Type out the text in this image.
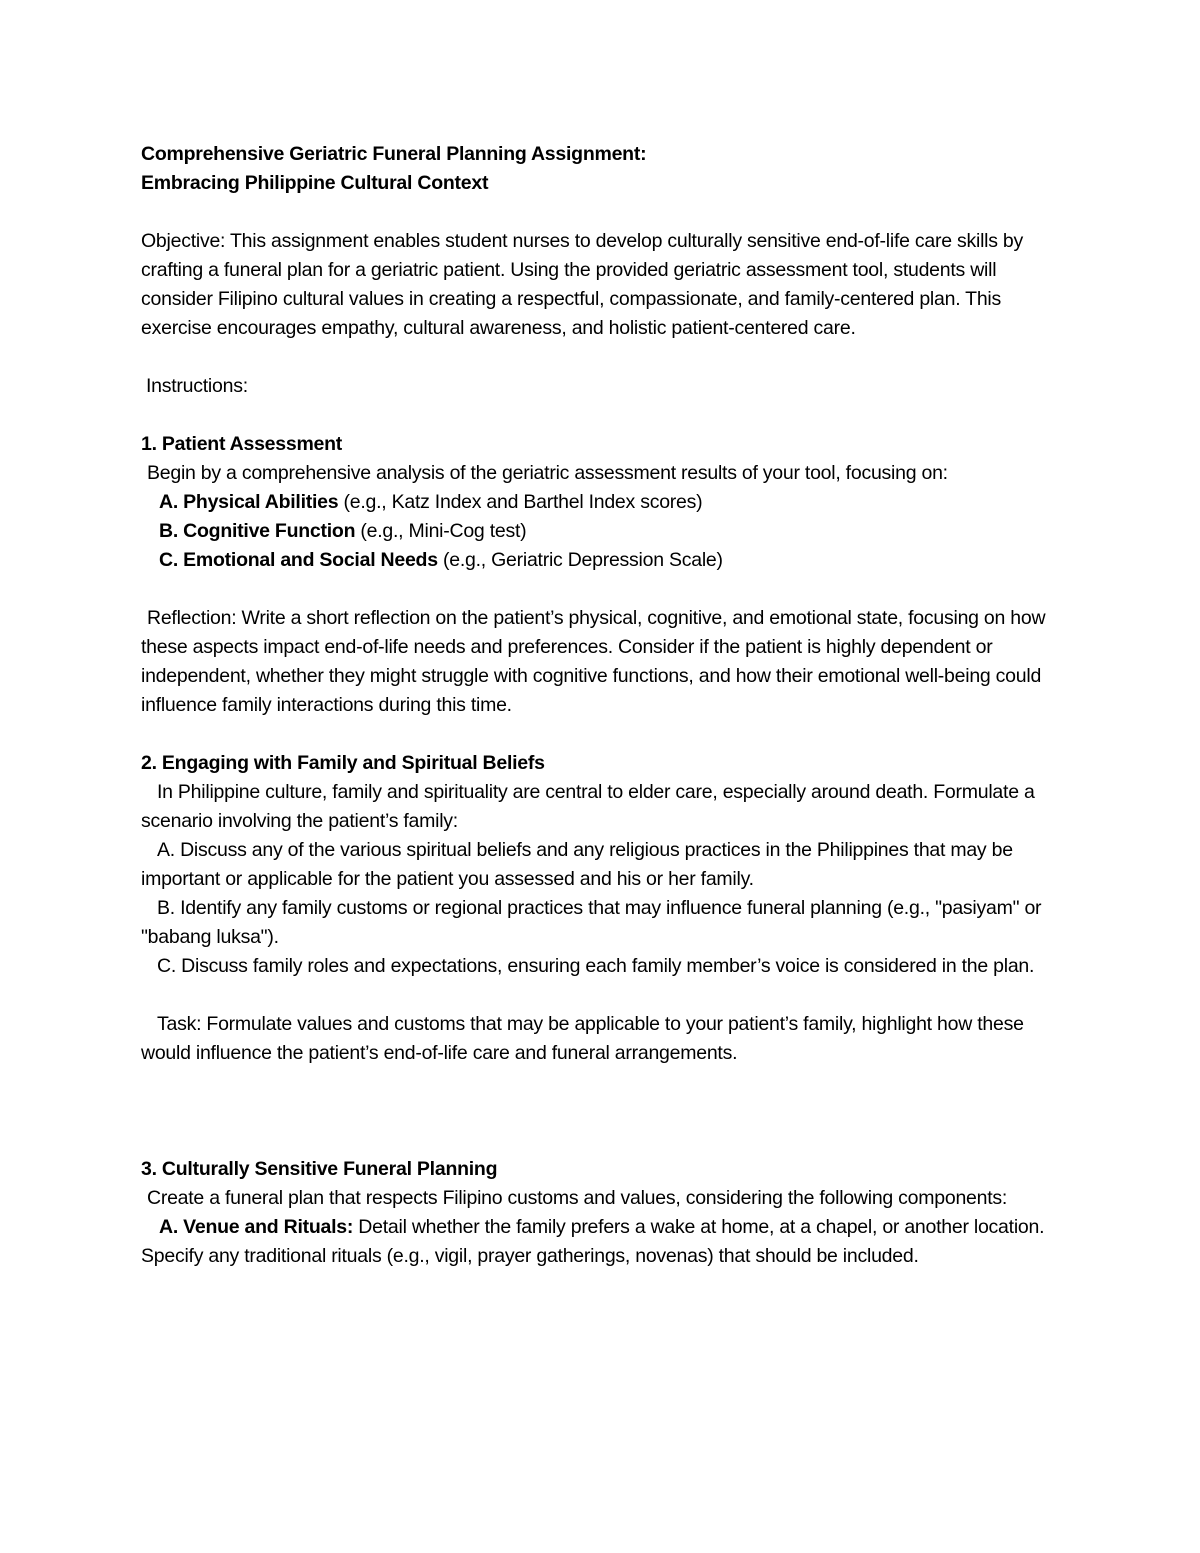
Comprehensive Geriatric Funeral Planning Assignment:
Embracing Philippine Cultural Context

Objective: This assignment enables student nurses to develop culturally sensitive end-of-life care skills by crafting a funeral plan for a geriatric patient. Using the provided geriatric assessment tool, students will consider Filipino cultural values in creating a respectful, compassionate, and family-centered plan. This exercise encourages empathy, cultural awareness, and holistic patient-centered care.

Instructions:
1. Patient Assessment

Begin by a comprehensive analysis of the geriatric assessment results of your tool, focusing on:

A. Physical Abilities (e.g., Katz Index and Barthel Index scores)
B. Cognitive Function (e.g., Mini-Cog test)
C. Emotional and Social Needs (e.g., Geriatric Depression Scale)

Reflection: Write a short reflection on the patient’s physical, cognitive, and emotional state, focusing on how these aspects impact end-of-life needs and preferences. Consider if the patient is highly dependent or independent, whether they might struggle with cognitive functions, and how their emotional well-being could influence family interactions during this time.

2. Engaging with Family and Spiritual Beliefs

In Philippine culture, family and spirituality are central to elder care, especially around death. Formulate a scenario involving the patient’s family:

A. Discuss any of the various spiritual beliefs and any religious practices in the Philippines that may be important or applicable for the patient you assessed and his or her family.

B. Identify any family customs or regional practices that may influence funeral planning (e.g., "pasiyam" or "babang luksa").

C. Discuss family roles and expectations, ensuring each family member’s voice is considered in the plan.

Task: Formulate values and customs that may be applicable to your patient’s family, highlight how these would influence the patient’s end-of-life care and funeral arrangements.

3. Culturally Sensitive Funeral Planning

Create a funeral plan that respects Filipino customs and values, considering the following components:

A. Venue and Rituals: Detail whether the family prefers a wake at home, at a chapel, or another location. Specify any traditional rituals (e.g., vigil, prayer gatherings, novenas) that should be included.
